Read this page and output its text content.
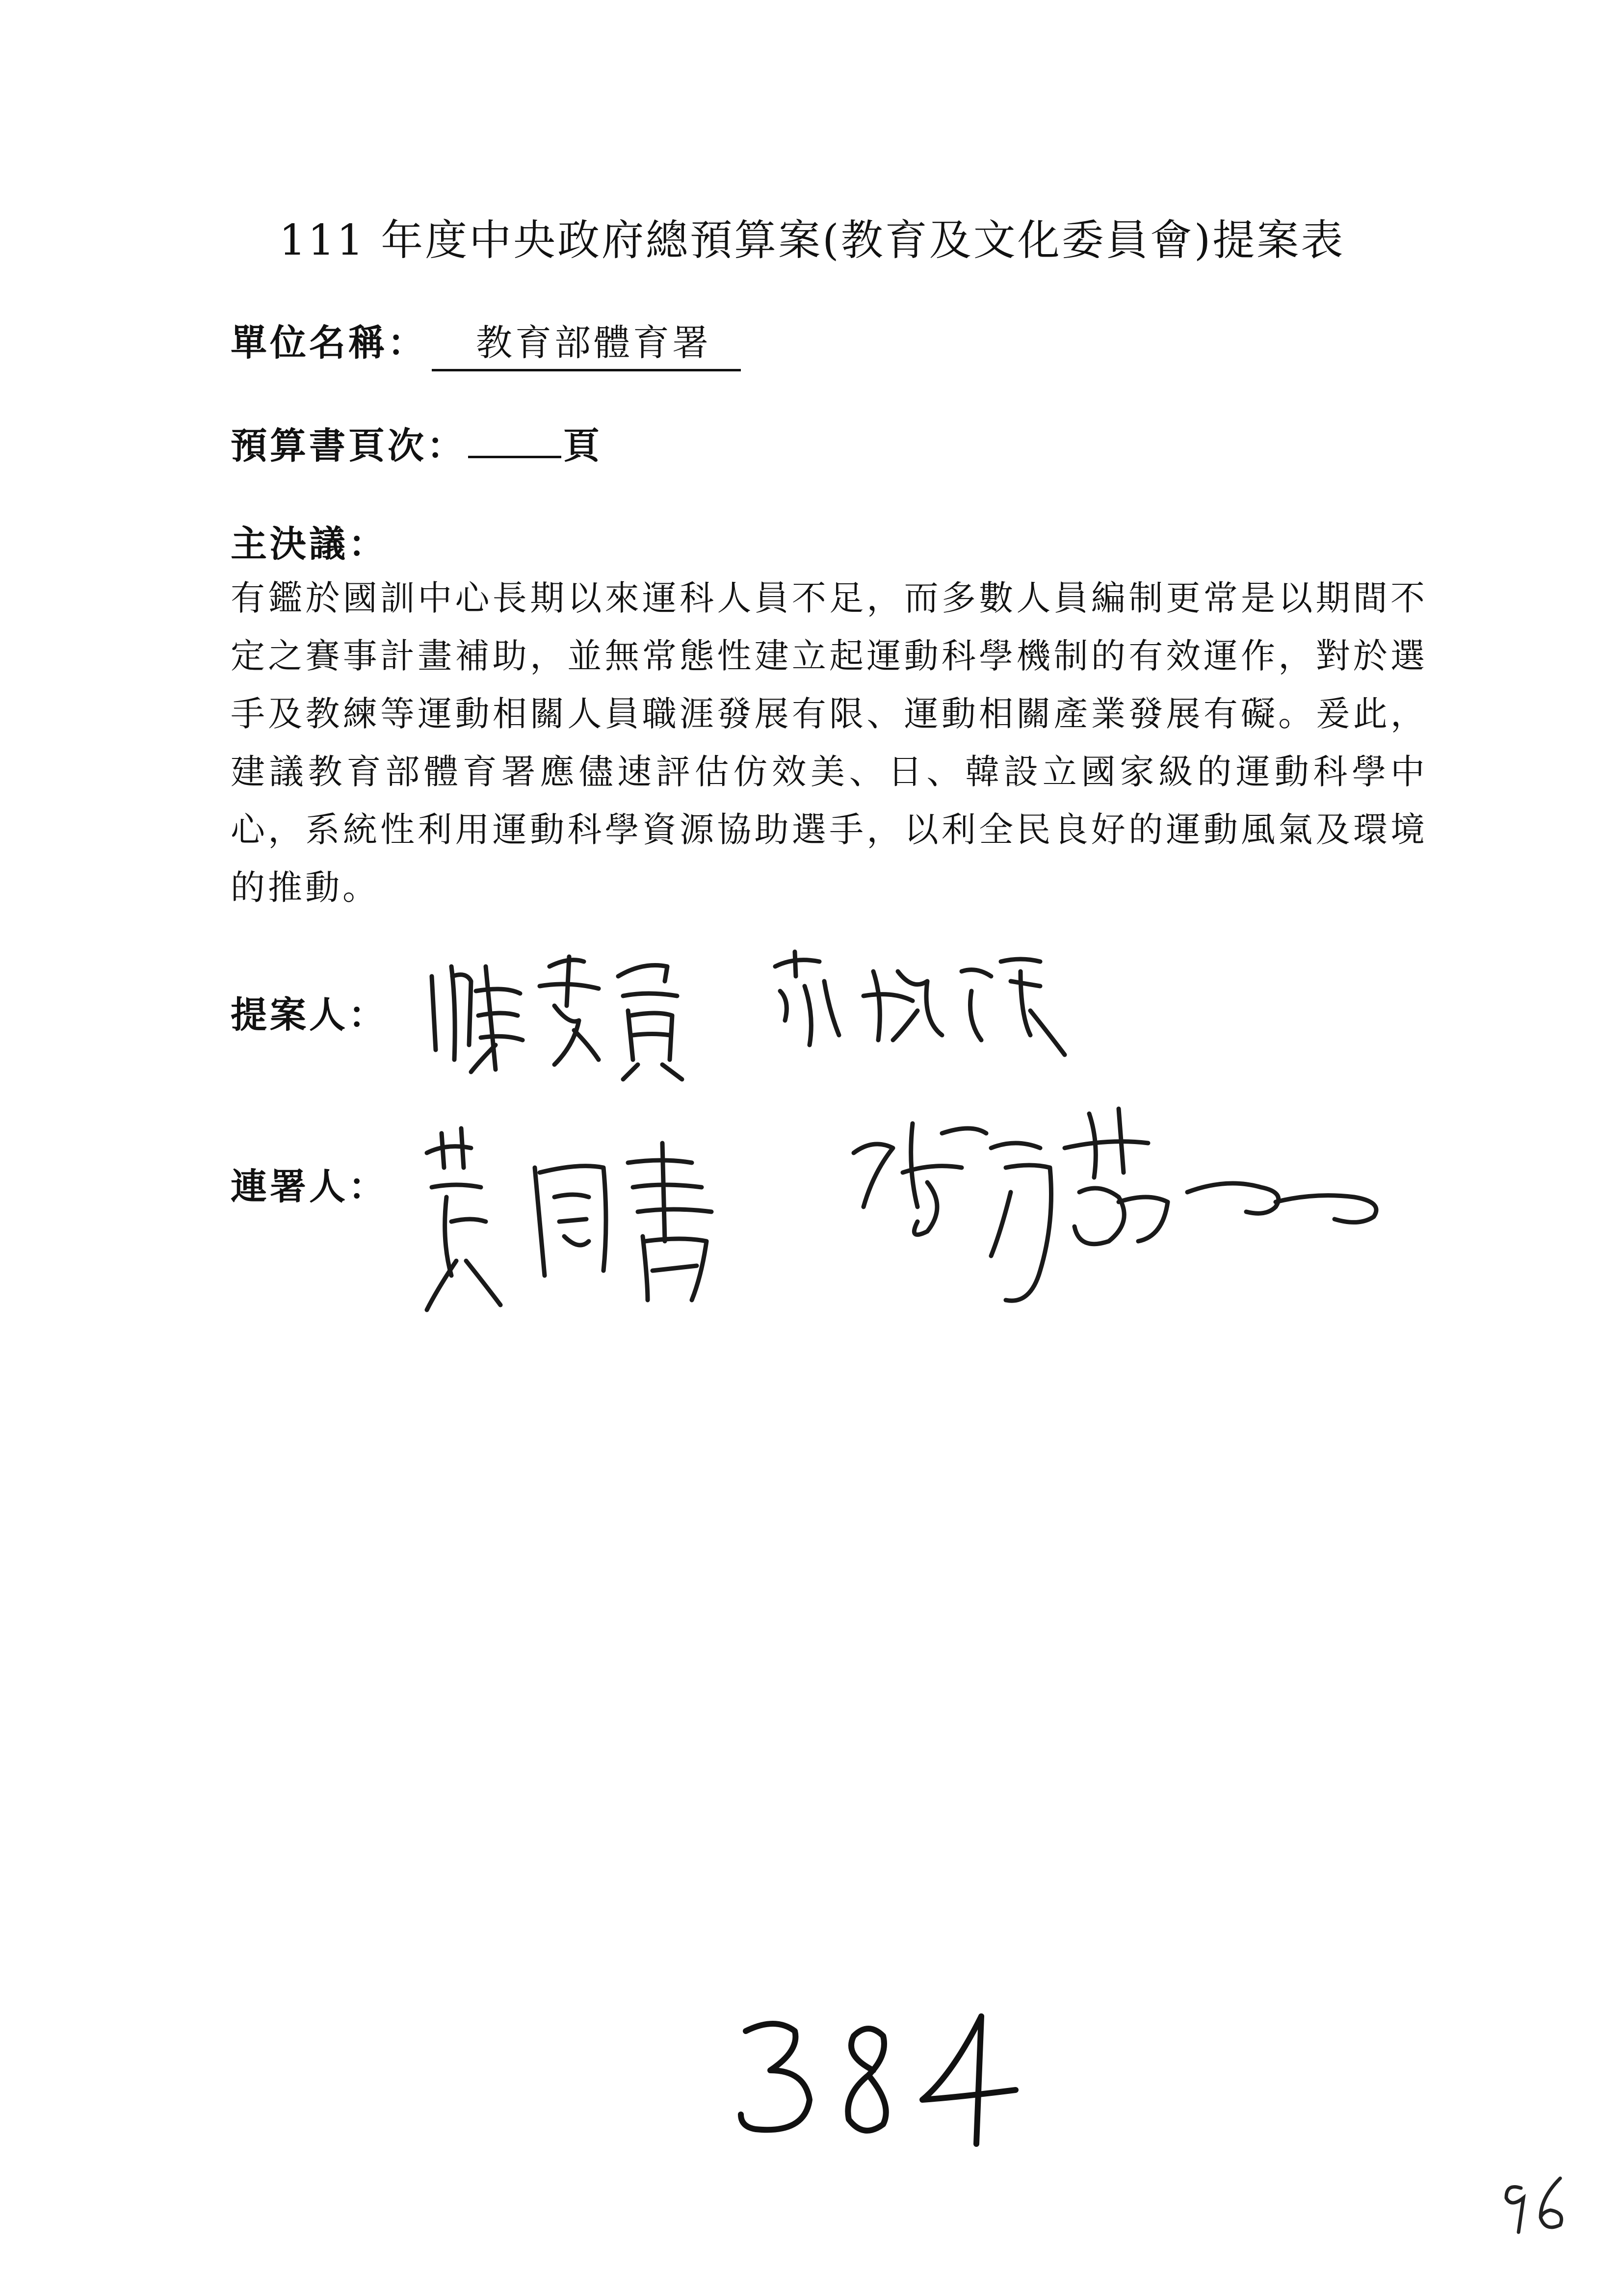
111 年度中央政府總預算案(教育及文化委員會)提案表
單位名稱： 教育部體育署
預算書頁次：	頁
主決議：
有鑑於國訓中心長期以來運科人員不足，而多數人員編制更常是以期間不定之賽事計畫補助，並無常態性建立起運動科學機制的有效運作，對於選手及教練等運動相關人員職涯發展有限、運動相關產業發展有礙。爰此，建議教育部體育署應儘速評估仿效美、日、韓設立國家級的運動科學中心，系統性利用運動科學資源協助選手，以利全民良好的運動風氣及環境的推動。
提案人：
連署人：
